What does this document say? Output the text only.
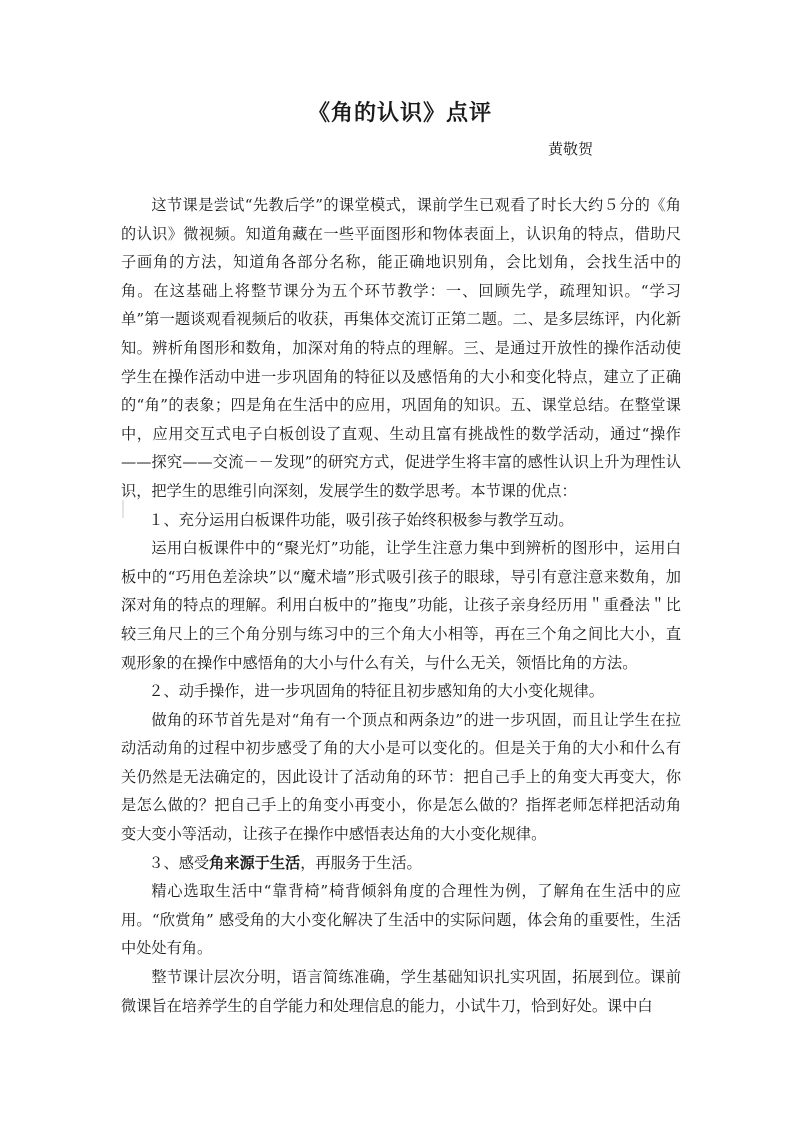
《角的认识》点评

黄敬贺

这节课是尝试“先教后学”的课堂模式，课前学生已观看了时长大约５分的《角的认识》微视频。知道角藏在一些平面图形和物体表面上，认识角的特点，借助尺子画角的方法，知道角各部分名称，能正确地识别角，会比划角，会找生活中的角。在这基础上将整节课分为五个环节教学：一、回顾先学，疏理知识。“学习单”第一题谈观看视频后的收获，再集体交流订正第二题。二、是多层练评，内化新知。辨析角图形和数角，加深对角的特点的理解。三、是通过开放性的操作活动使学生在操作活动中进一步巩固角的特征以及感悟角的大小和变化特点，建立了正确的“角”的表象；四是角在生活中的应用，巩固角的知识。五、课堂总结。在整堂课中，应用交互式电子白板创设了直观、生动且富有挑战性的数学活动，通过“操作——探究——交流－－发现”的研究方式，促进学生将丰富的感性认识上升为理性认识，把学生的思维引向深刻，发展学生的数学思考。本节课的优点：

１、充分运用白板课件功能，吸引孩子始终积极参与教学互动。

运用白板课件中的“聚光灯”功能，让学生注意力集中到辨析的图形中，运用白板中的“巧用色差涂块”以“魔术墙”形式吸引孩子的眼球，导引有意注意来数角，加深对角的特点的理解。利用白板中的”拖曳”功能，让孩子亲身经历用＂重叠法＂比较三角尺上的三个角分别与练习中的三个角大小相等，再在三个角之间比大小，直观形象的在操作中感悟角的大小与什么有关，与什么无关，领悟比角的方法。

２、动手操作，进一步巩固角的特征且初步感知角的大小变化规律。

做角的环节首先是对“角有一个顶点和两条边”的进一步巩固，而且让学生在拉动活动角的过程中初步感受了角的大小是可以变化的。但是关于角的大小和什么有关仍然是无法确定的，因此设计了活动角的环节：把自己手上的角变大再变大，你是怎么做的？把自己手上的角变小再变小，你是怎么做的？指挥老师怎样把活动角变大变小等活动，让孩子在操作中感悟表达角的大小变化规律。

３、感受角来源于生活，再服务于生活。

精心选取生活中“靠背椅”椅背倾斜角度的合理性为例，了解角在生活中的应用。“欣赏角” 感受角的大小变化解决了生活中的实际问题，体会角的重要性，生活中处处有角。

整节课计层次分明，语言简练准确，学生基础知识扎实巩固，拓展到位。课前微课旨在培养学生的自学能力和处理信息的能力，小试牛刀，恰到好处。课中白
